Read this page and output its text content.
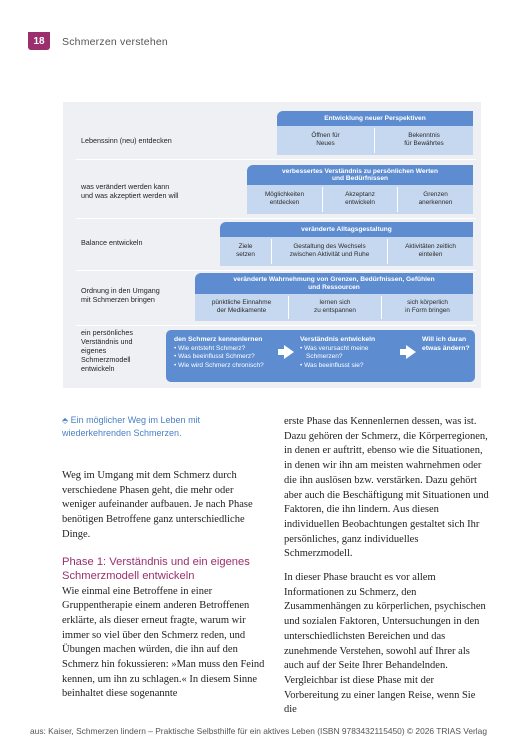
18	Schmerzen verstehen
Lebenssinn (neu) entdecken
Entwicklung neuer Perspektiven
Öffnen für
Neues
Bekenntnis
für Bewährtes
was verändert werden kann
und was akzeptiert werden will
verbessertes Verständnis zu persönlichen Werten
und Bedürfnissen
Möglichkeiten
entdecken
Akzeptanz
entwickeln
Grenzen
anerkennen
Balance entwickeln
veränderte Alltagsgestaltung
Ziele
setzen
Gestaltung des Wechsels
zwischen Aktivität und Ruhe
Aktivitäten zeitlich
einteilen
Ordnung in den Umgang
mit Schmerzen bringen
veränderte Wahrnehmung von Grenzen, Bedürfnissen, Gefühlen
und Ressourcen
pünktliche Einnahme
der Medikamente
lernen sich
zu entspannen
sich körperlich
in Form bringen
ein persönliches
Verständnis und
eigenes
Schmerzmodell
entwickeln
den Schmerz kennenlernen
• Wie entsteht Schmerz?
• Was beeinflusst Schmerz?
• Wie wird Schmerz chronisch?
Verständnis entwickeln
• Was verursacht meine
Schmerzen?
• Was beeinflusst sie?
Will ich daran
etwas ändern?
⬘ Ein möglicher Weg im Leben mit wiederkehrenden Schmerzen.

Weg im Umgang mit dem Schmerz durch verschiedene Phasen geht, die mehr oder weniger aufeinander aufbauen. Je nach Phase benötigen Betroffene ganz unterschiedliche Dinge.

Phase 1: Verständnis und ein eigenes Schmerzmodell entwickeln

Wie einmal eine Betroffene in einer Gruppentherapie einem anderen Betroffenen erklärte, als dieser erneut fragte, warum wir immer so viel über den Schmerz reden, und Übungen machen würden, die ihn auf den Schmerz hin fokussieren: »Man muss den Feind kennen, um ihn zu schlagen.« In diesem Sinne beinhaltet diese sogenannte

erste Phase das Kennenlernen dessen, was ist. Dazu gehören der Schmerz, die Körperregionen, in denen er auftritt, ebenso wie die Situationen, in denen wir ihn am meisten wahrnehmen oder die ihn auslösen bzw. verstärken. Dazu gehört aber auch die Beschäftigung mit Situationen und Faktoren, die ihn lindern. Aus diesen individuellen Beobachtungen gestaltet sich Ihr persönliches, ganz individuelles Schmerzmodell.

In dieser Phase braucht es vor allem Informationen zu Schmerz, den Zusammenhängen zu körperlichen, psychischen und sozialen Faktoren, Untersuchungen in den unterschiedlichsten Bereichen und das zunehmende Verstehen, sowohl auf Ihrer als auch auf der Seite Ihrer Behandelnden. Vergleichbar ist diese Phase mit der Vorbereitung zu einer langen Reise, wenn Sie die

aus: Kaiser, Schmerzen lindern – Praktische Selbsthilfe für ein aktives Leben (ISBN 9783432115450) © 2026 TRIAS Verlag
